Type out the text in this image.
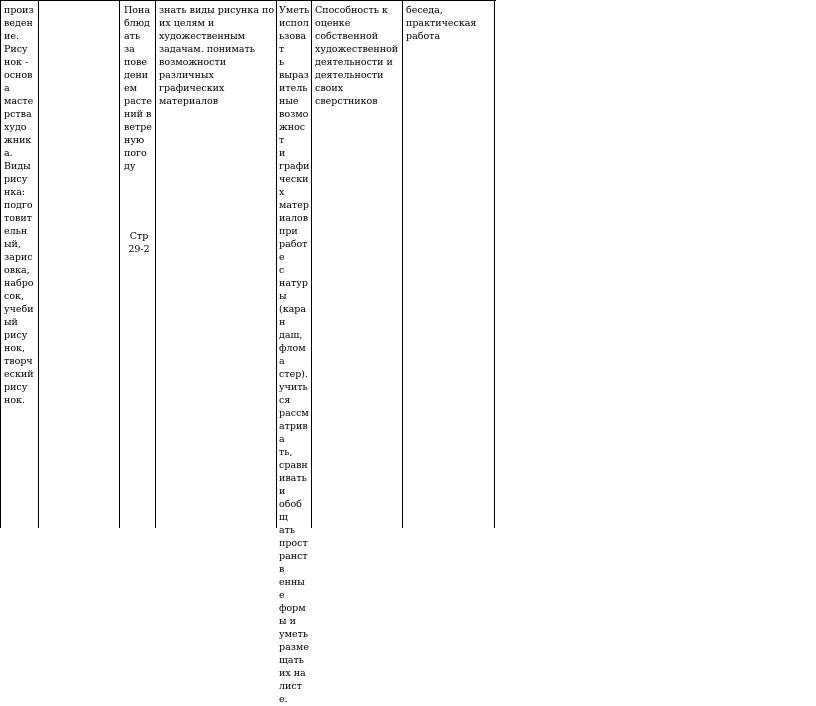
произ
веден
ие.
Рису
нок -
основ
а
масте
рства
худо
жник
а.
Виды
рису
нка:
подго
товит
ельн
ый,
зарис
овка,
набро
сок,
учеби
ый
рису
нок,
творч
еский
рису
нок.
Пона
блюд
ать
за
пове
дени
ем
расте
ний в
ветре
ную
пого
ду
Стр
29-2
знать виды рисунка по
их целям и
художественным
задачам. понимать
возможности различных
графических материалов
Уметь
испол
ьзоват
ь
выраз
итель
ные
возмо
жност
и
графи
чески
х
матер
иалов
при
работе
с
натур
ы
(каран
даш,
флома
стер).
учить
ся
рассм
атрива
ть,
сравн
ивать
и
обобщ
ать
прост
ранств
енные
форм
ы и
уметь
разме
щать
их на
листе.
Способность к
оценке
собственной
художественной
деятельности и
деятельности
своих
сверстников
беседа,
практическая
работа
